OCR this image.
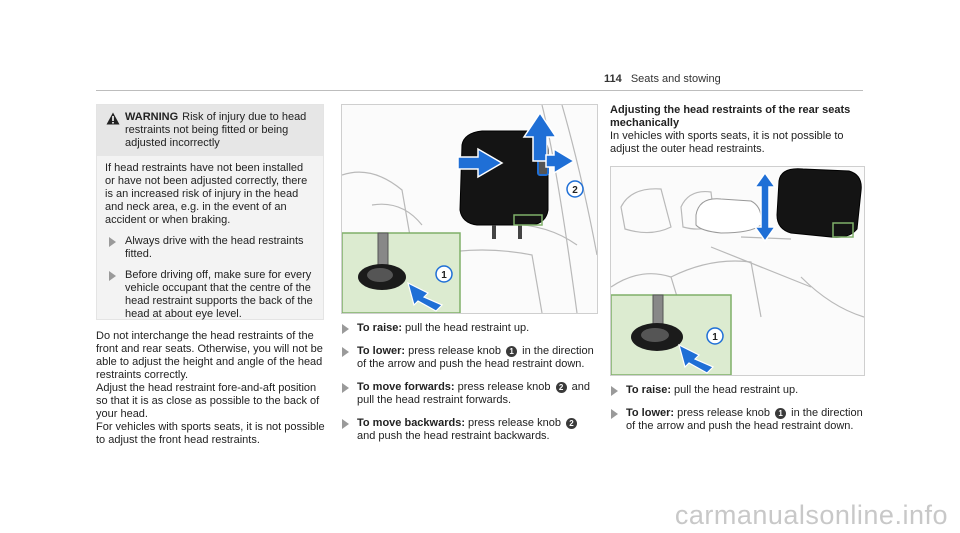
114 Seats and stowing
WARNING Risk of injury due to head restraints not being fitted or being adjusted incorrectly

If head restraints have not been installed or have not been adjusted correctly, there is an increased risk of injury in the head and neck area, e.g. in the event of an accident or when braking.

Always drive with the head restraints fitted.
Before driving off, make sure for every vehicle occupant that the centre of the head restraint supports the back of the head at about eye level.

Do not interchange the head restraints of the front and rear seats. Otherwise, you will not be able to adjust the height and angle of the head restraints correctly.

Adjust the head restraint fore-and-aft position so that it is as close as possible to the back of your head.

For vehicles with sports seats, it is not possible to adjust the front head restraints.

2
1
To raise: pull the head restraint up.
To lower: press release knob 1 in the direction of the arrow and push the head restraint down.
To move forwards: press release knob 2 and pull the head restraint forwards.
To move backwards: press release knob 2 and push the head restraint backwards.
Adjusting the head restraints of the rear seats mechanically

In vehicles with sports seats, it is not possible to adjust the outer head restraints.

1
To raise: pull the head restraint up.
To lower: press release knob 1 in the direction of the arrow and push the head restraint down.
carmanualsonline.info
